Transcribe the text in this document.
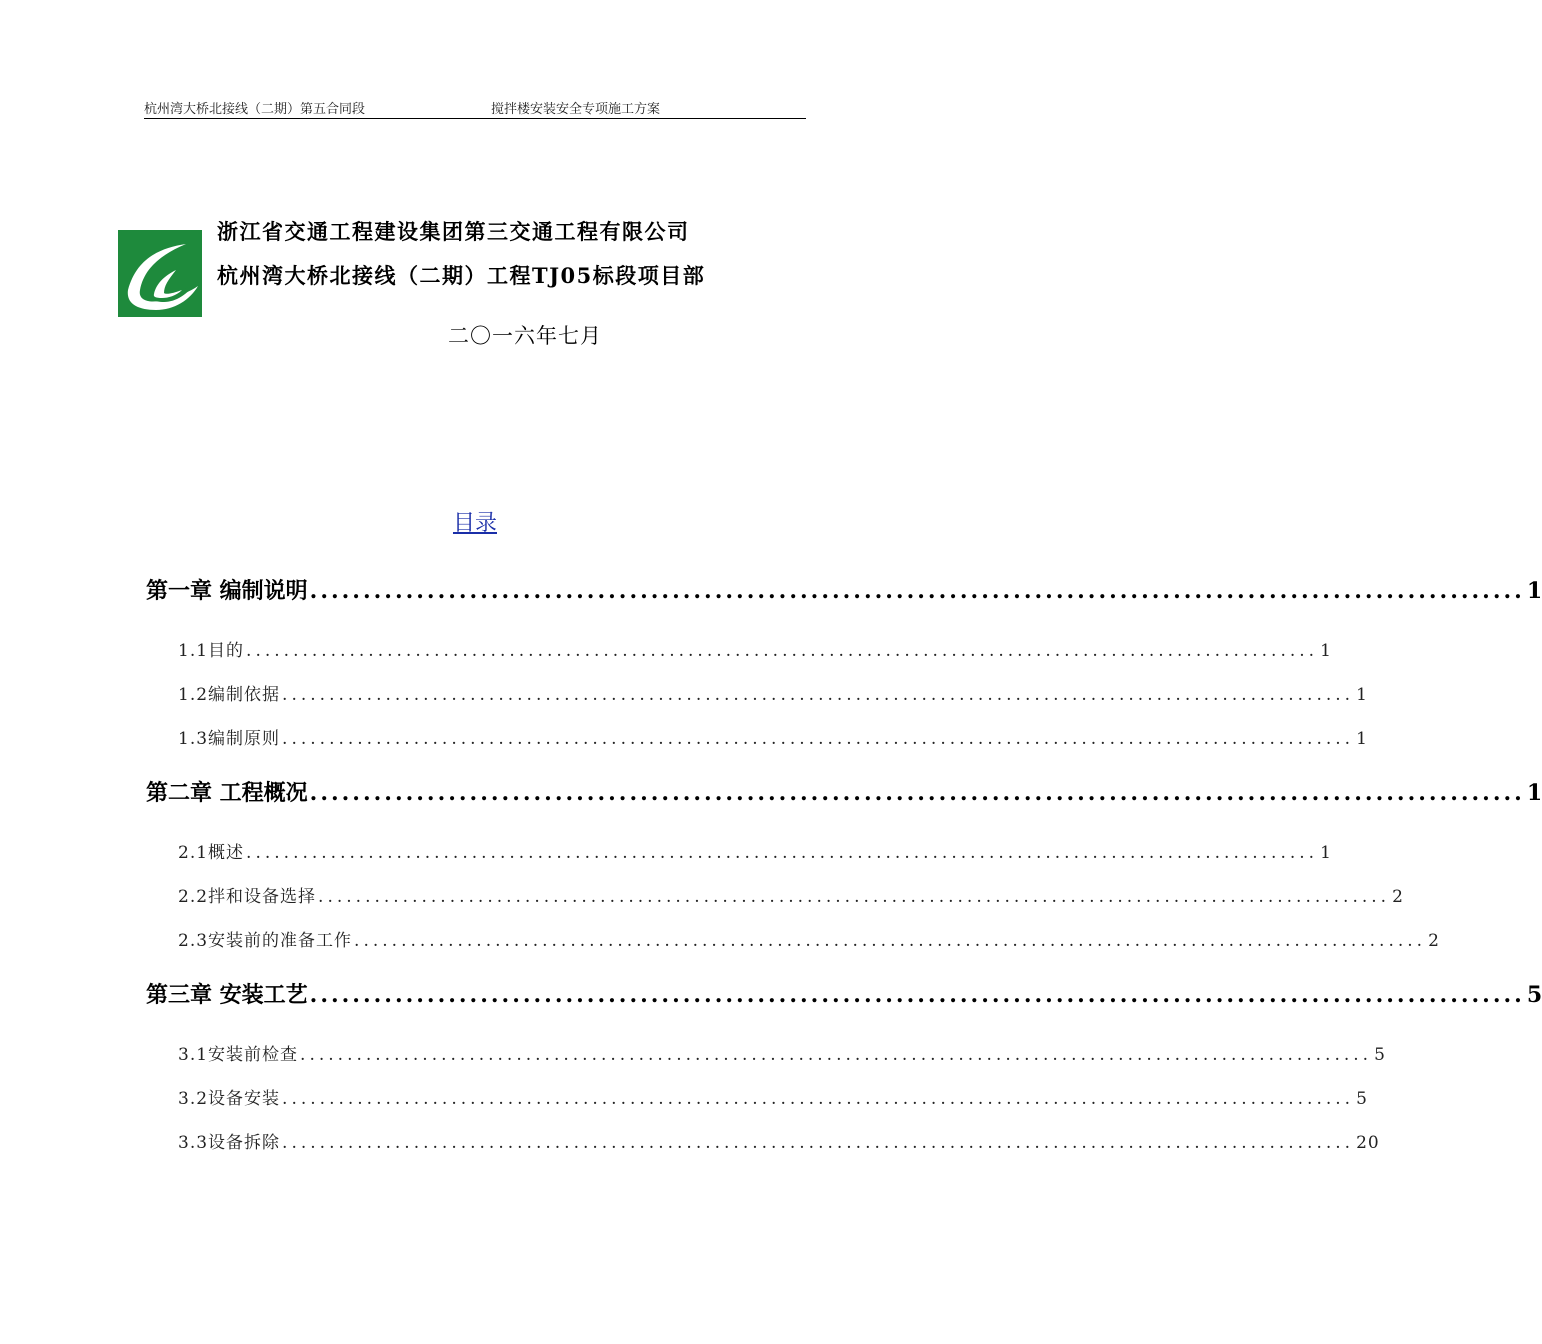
杭州湾大桥北接线（二期）第五合同段	搅拌楼安装安全专项施工方案
浙江省交通工程建设集团第三交通工程有限公司
杭州湾大桥北接线（二期）工程TJ05标段项目部
二〇一六年七月
目录
第一章 编制说明 .................................................................................................................. 1
1.1目的 .................................................................................................................. 1
1.2编制依据 .................................................................................................................. 1
1.3编制原则 .................................................................................................................. 1
第二章 工程概况 .................................................................................................................. 1
2.1概述 .................................................................................................................. 1
2.2拌和设备选择 .................................................................................................................. 2
2.3安装前的准备工作 .................................................................................................................. 2
第三章 安装工艺 .................................................................................................................. 5
3.1安装前检查 .................................................................................................................. 5
3.2设备安装 .................................................................................................................. 5
3.3设备拆除 .................................................................................................................. 20
